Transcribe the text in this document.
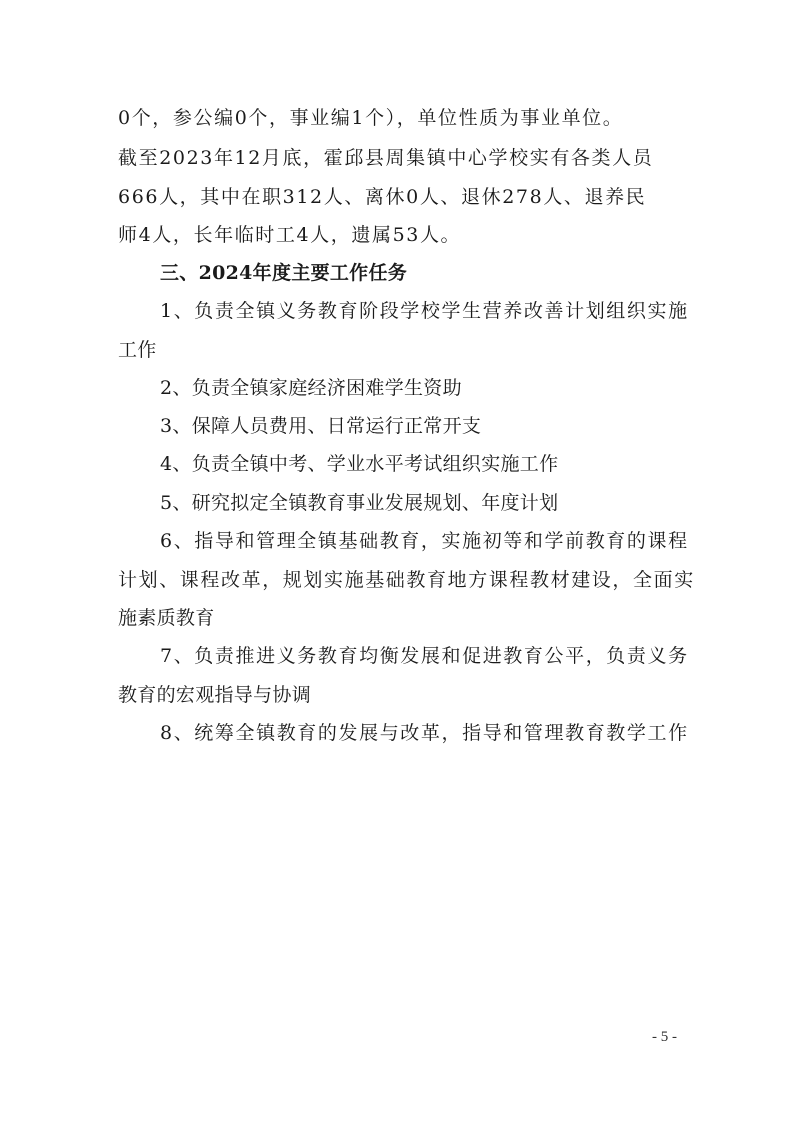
0个，参公编0个，事业编1个），单位性质为事业单位。
截至2023年12月底，霍邱县周集镇中心学校实有各类人员
666人，其中在职312人、离休0人、退休278人、退养民
师4人，长年临时工4人，遗属53人。
三、2024年度主要工作任务
1、负责全镇义务教育阶段学校学生营养改善计划组织实施
工作
2、负责全镇家庭经济困难学生资助
3、保障人员费用、日常运行正常开支
4、负责全镇中考、学业水平考试组织实施工作
5、研究拟定全镇教育事业发展规划、年度计划
6、指导和管理全镇基础教育，实施初等和学前教育的课程
计划、课程改革，规划实施基础教育地方课程教材建设，全面实
施素质教育
7、负责推进义务教育均衡发展和促进教育公平，负责义务
教育的宏观指导与协调
8、统筹全镇教育的发展与改革，指导和管理教育教学工作
- 5 -
